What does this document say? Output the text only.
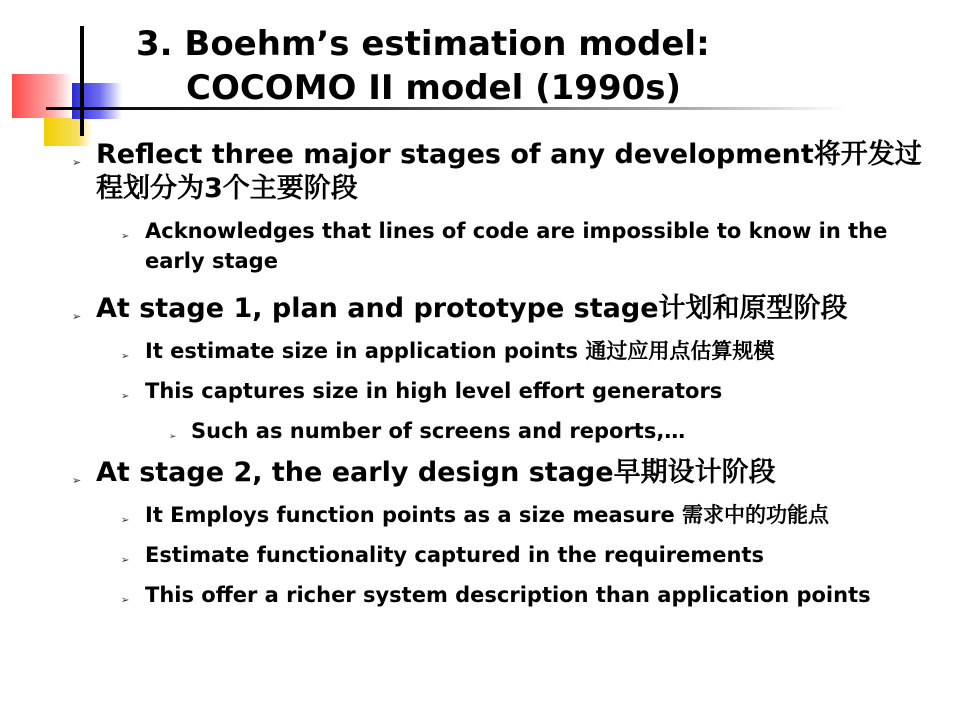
3. Boehm’s estimation model:
COCOMO II model (1990s)
➢ Reflect three major stages of any development将开发过程划分为3个主要阶段
➢ Acknowledges that lines of code are impossible to know in the early stage
➢ At stage 1, plan and prototype stage计划和原型阶段
➢ It estimate size in application points 通过应用点估算规模
➢ This captures size in high level effort generators
➢ Such as number of screens and reports,…
➢ At stage 2, the early design stage早期设计阶段
➢ It Employs function points as a size measure 需求中的功能点
➢ Estimate functionality captured in the requirements
➢ This offer a richer system description than application points
